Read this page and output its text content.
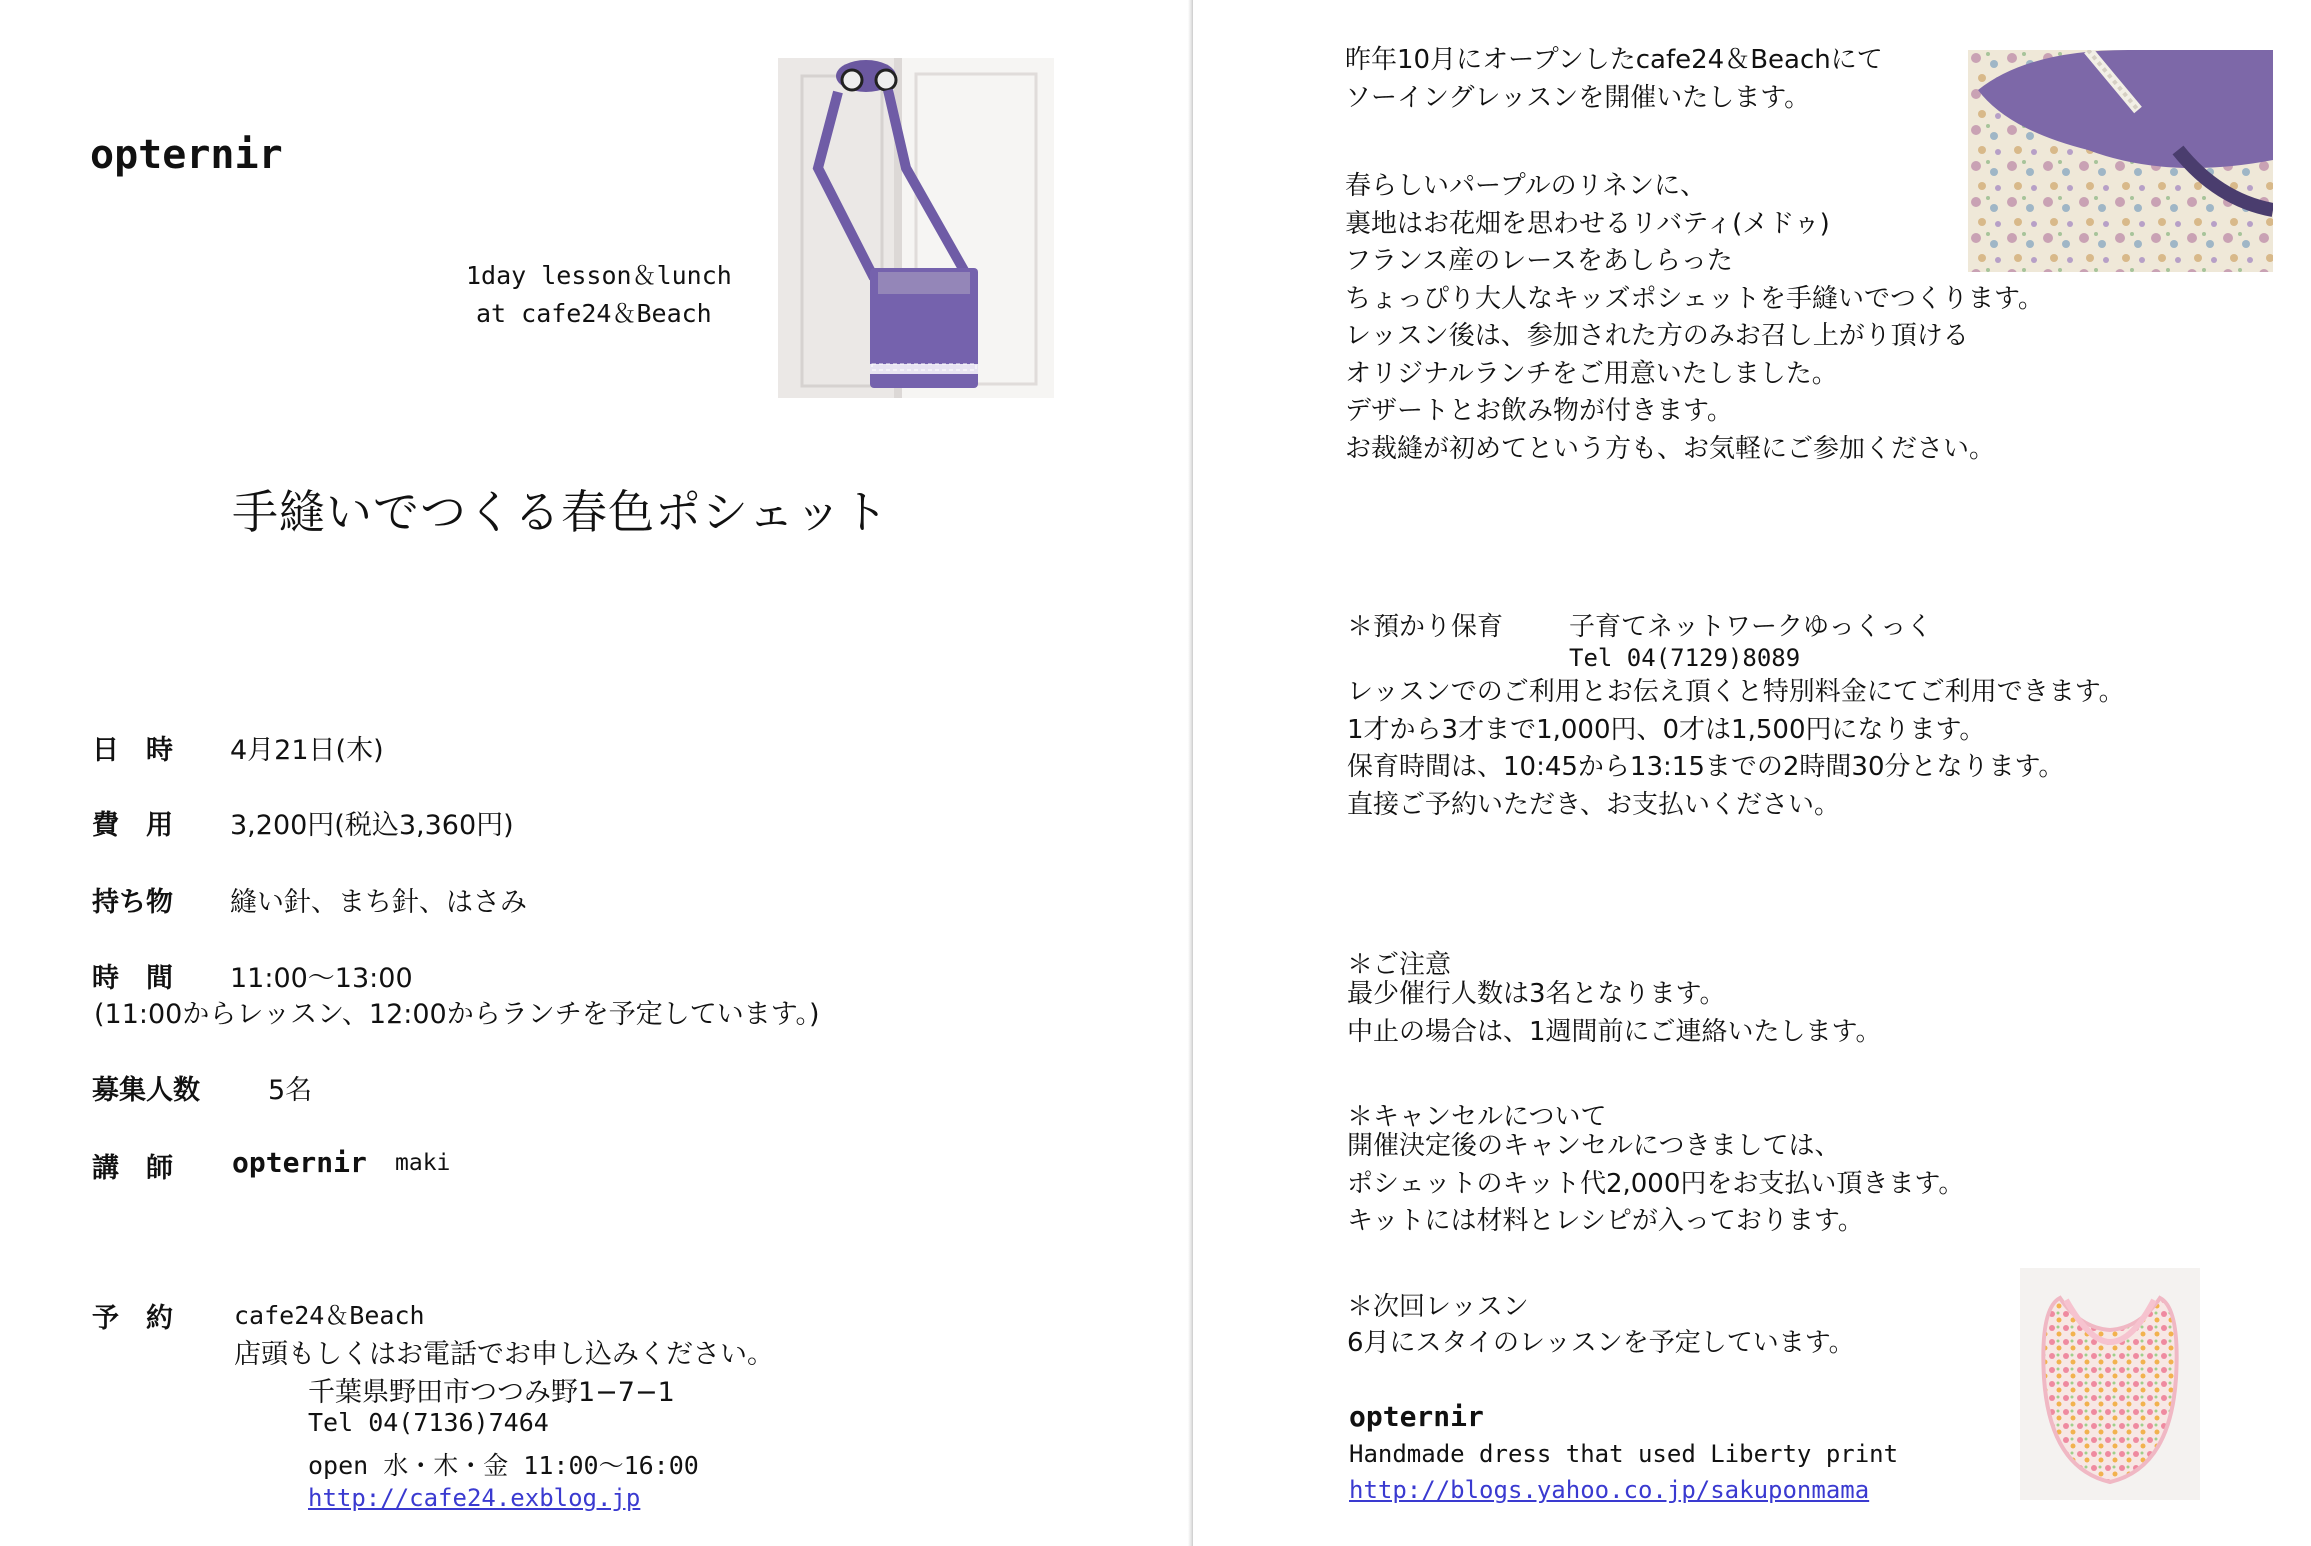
opternir
1day lesson＆lunch
at cafe24＆Beach
手縫いでつくる春色ポシェット
日　時 4月21日(木)
費　用 3,200円(税込3,360円)
持ち物 縫い針、まち針、はさみ
時　間 11:00～13:00
(11:00からレッスン、12:00からランチを予定しています。)
募集人数	5名
講　師 opternir maki
予　約 cafe24＆Beach
店頭もしくはお電話でお申し込みください。
千葉県野田市つつみ野1−7−1
Tel 04(7136)7464
open 水・木・金 11:00～16:00
http://cafe24.exblog.jp
昨年10月にオープンしたcafe24＆Beachにて
ソーイングレッスンを開催いたします。
春らしいパープルのリネンに、
裏地はお花畑を思わせるリバティ(メドゥ)
フランス産のレースをあしらった
ちょっぴり大人なキッズポシェットを手縫いでつくります。
レッスン後は、参加された方のみお召し上がり頂ける
オリジナルランチをご用意いたしました。
デザートとお飲み物が付きます。
お裁縫が初めてという方も、お気軽にご参加ください。
＊預かり保育	子育てネットワークゆっくっく
Tel 04(7129)8089
レッスンでのご利用とお伝え頂くと特別料金にてご利用できます。
1才から3才まで1,000円、0才は1,500円になります。
保育時間は、10:45から13:15までの2時間30分となります。
直接ご予約いただき、お支払いください。
＊ご注意
最少催行人数は3名となります。
中止の場合は、1週間前にご連絡いたします。
＊キャンセルについて
開催決定後のキャンセルにつきましては、
ポシェットのキット代2,000円をお支払い頂きます。
キットには材料とレシピが入っております。
＊次回レッスン
6月にスタイのレッスンを予定しています。
opternir
Handmade dress that used Liberty print
http://blogs.yahoo.co.jp/sakuponmama
